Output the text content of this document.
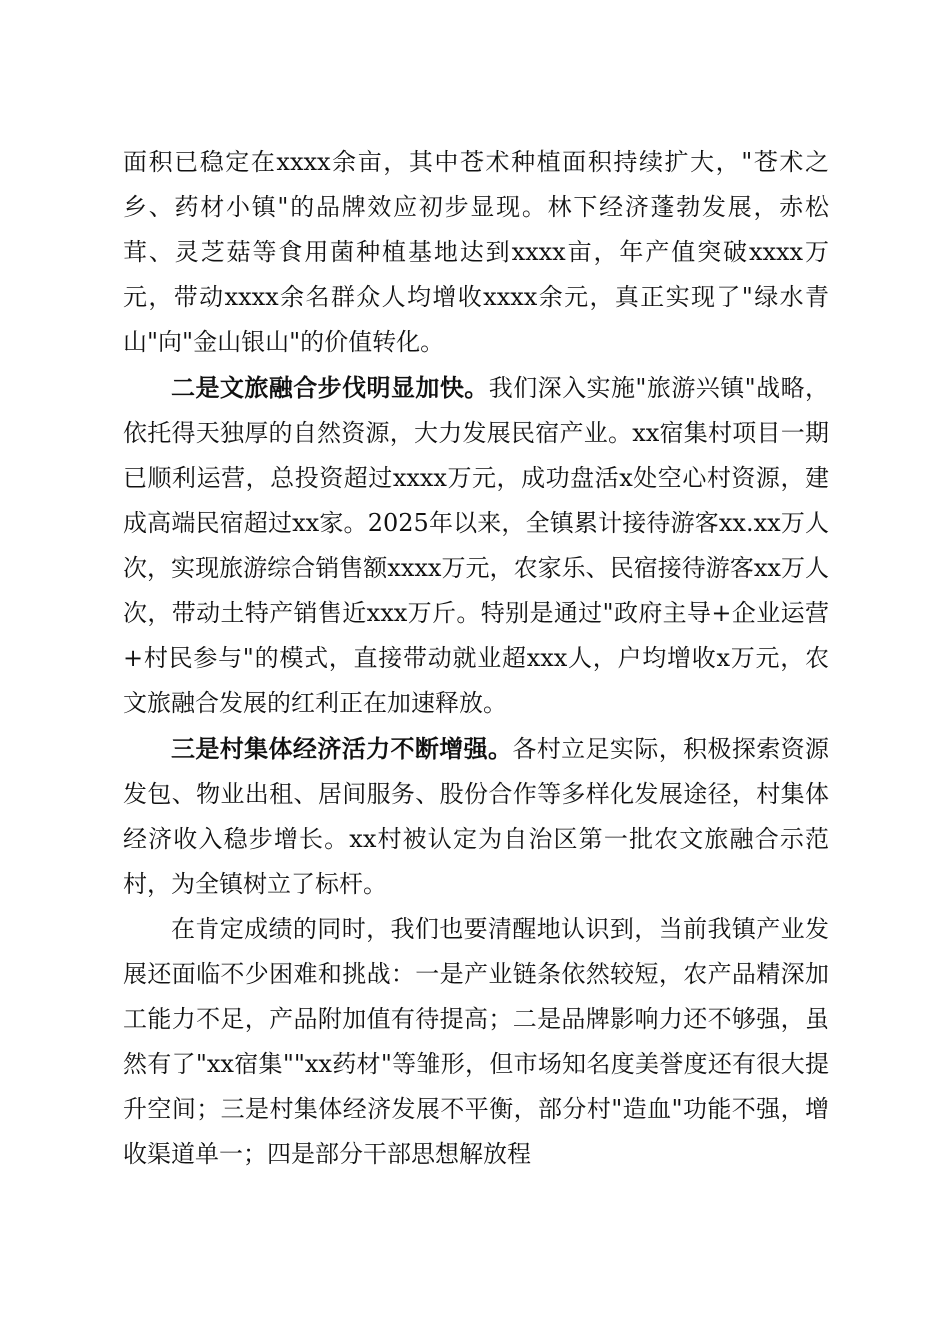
面积已稳定在xxxx余亩，其中苍术种植面积持续扩大，"苍术之乡、药材小镇"的品牌效应初步显现。林下经济蓬勃发展，赤松茸、灵芝菇等食用菌种植基地达到xxxx亩，年产值突破xxxx万元，带动xxxx余名群众人均增收xxxx余元，真正实现了"绿水青山"向"金山银山"的价值转化。

二是文旅融合步伐明显加快。我们深入实施"旅游兴镇"战略，依托得天独厚的自然资源，大力发展民宿产业。xx宿集村项目一期已顺利运营，总投资超过xxxx万元，成功盘活x处空心村资源，建成高端民宿超过xx家。2025年以来，全镇累计接待游客xx.xx万人次，实现旅游综合销售额xxxx万元，农家乐、民宿接待游客xx万人次，带动土特产销售近xxx万斤。特别是通过"政府主导+企业运营+村民参与"的模式，直接带动就业超xxx人，户均增收x万元，农文旅融合发展的红利正在加速释放。

三是村集体经济活力不断增强。各村立足实际，积极探索资源发包、物业出租、居间服务、股份合作等多样化发展途径，村集体经济收入稳步增长。xx村被认定为自治区第一批农文旅融合示范村，为全镇树立了标杆。

在肯定成绩的同时，我们也要清醒地认识到，当前我镇产业发展还面临不少困难和挑战：一是产业链条依然较短，农产品精深加工能力不足，产品附加值有待提高；二是品牌影响力还不够强，虽然有了"xx宿集""xx药材"等雏形，但市场知名度美誉度还有很大提升空间；三是村集体经济发展不平衡，部分村"造血"功能不强，增收渠道单一；四是部分干部思想解放程
